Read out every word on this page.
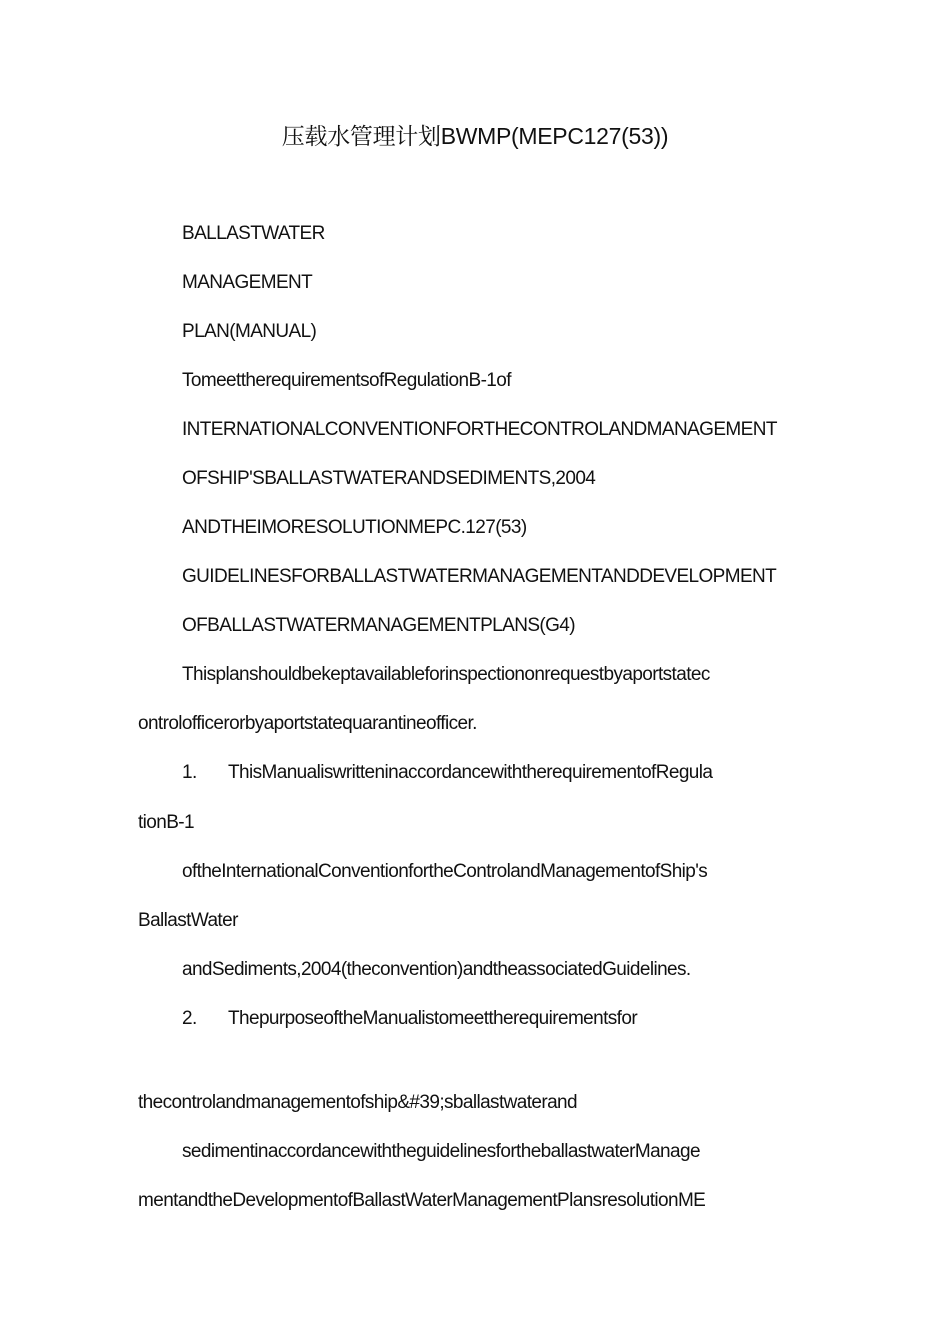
压载水管理计划BWMP(MEPC127(53))
BALLASTWATER
MANAGEMENT
PLAN(MANUAL)
TomeettherequirementsofRegulationB-1of
INTERNATIONALCONVENTIONFORTHECONTROLANDMANAGEMENT
OFSHIP'SBALLASTWATERANDSEDIMENTS,2004
ANDTHEIMORESOLUTIONMEPC.127(53)
GUIDELINESFORBALLASTWATERMANAGEMENTANDDEVELOPMENT
OFBALLASTWATERMANAGEMENTPLANS(G4)
Thisplanshouldbekeptavailableforinspectiononrequestbyaportstatec
ontrolofficerorbyaportstatequarantineofficer.
1. ThisManualiswritteninaccordancewiththerequirementofRegula
tionB-1
oftheInternationalConventionfortheControlandManagementofShip's
BallastWater
andSediments,2004(theconvention)andtheassociatedGuidelines.
2. ThepurposeoftheManualistomeettherequirementsfor
thecontrolandmanagementofship&#39;sballastwaterand
sedimentinaccordancewiththeguidelinesfortheballastwaterManage
mentandtheDevelopmentofBallastWaterManagementPlansresolutionME
